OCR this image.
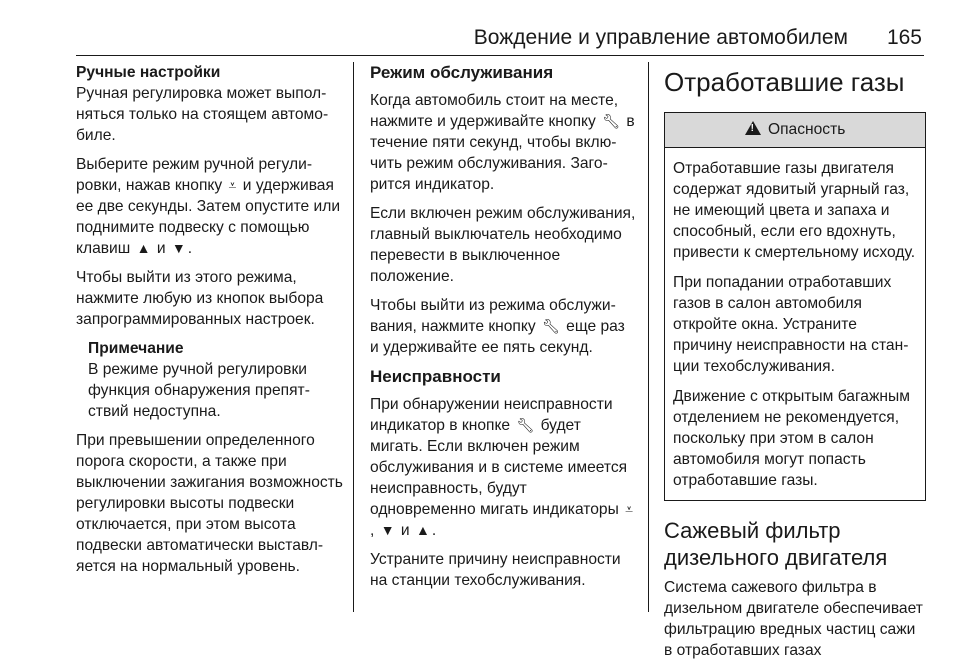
Вождение и управление автомобилем 165

Ручные настройки

Ручная регулировка может выполняться только на стоящем автомобиле.

Выберите режим ручной регулировки, нажав кнопку ⩡ и удерживая ее две секунды. Затем опустите или поднимите подвеску с помощью клавиш ▲ и ▼ .

Чтобы выйти из этого режима, нажмите любую из кнопок выбора запрограммированных настроек.

Примечание

В режиме ручной регулировки функция обнаружения препятствий недоступна.

При превышении определенного порога скорости, а также при выключении зажигания возможность регулировки высоты подвески отключается, при этом высота подвески автоматически выставляется на нормальный уровень.

Режим обслуживания

Когда автомобиль стоит на месте, нажмите и удерживайте кнопку 🔧︎ в течение пяти секунд, чтобы включить режим обслуживания. Загорится индикатор.

Если включен режим обслуживания, главный выключатель необходимо перевести в выключенное положение.

Чтобы выйти из режима обслуживания, нажмите кнопку 🔧︎ еще раз и удерживайте ее пять секунд.

Неисправности

При обнаружении неисправности индикатор в кнопке 🔧︎ будет мигать. Если включен режим обслуживания и в системе имеется неисправность, будут одновременно мигать индикаторы ⩡, ▼ и ▲ .

Устраните причину неисправности на станции техобслуживания.

Отработавшие газы
! Опасность

Отработавшие газы двигателя содержат ядовитый угарный газ, не имеющий цвета и запаха и способный, если его вдохнуть, привести к смертельному исходу.

При попадании отработавших газов в салон автомобиля откройте окна. Устраните причину неисправности на станции техобслуживания.

Движение с открытым багажным отделением не рекомендуется, поскольку при этом в салон автомобиля могут попасть отработавшие газы.

Сажевый фильтр дизельного двигателя

Система сажевого фильтра в дизельном двигателе обеспечивает фильтрацию вредных частиц сажи в отработавших газах
